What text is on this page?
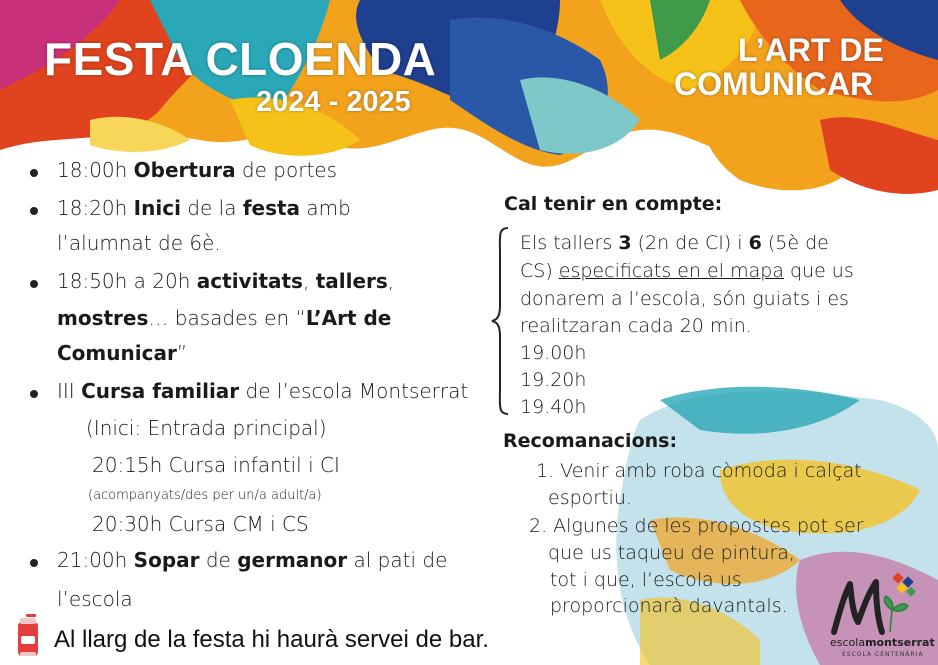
FESTA CLOENDA
2024 - 2025
L’ART DE
COMUNICAR
18:00h Obertura de portes
18:20h Inici de la festa amb
l’alumnat de 6è.
18:50h a 20h activitats, tallers,
mostres… basades en “L’Art de
Comunicar”
III Cursa familiar de l’escola Montserrat
(Inici: Entrada principal)
20:15h Cursa infantil i CI
(acompanyats/des per un/a adult/a)
20:30h Cursa CM i CS
21:00h Sopar de germanor al pati de
l’escola
Cal tenir en compte:
Els tallers 3 (2n de CI) i 6 (5è de
CS) especificats en el mapa que us
donarem a l’escola, són guiats i es
realitzaran cada 20 min.
19.00h
19.20h
19.40h
Recomanacions:
1. Venir amb roba còmoda i calçat
esportiu.
2. Algunes de les propostes pot ser
que us taqueu de pintura,
tot i que, l’escola us
proporcionarà davantals.
Al llarg de la festa hi haurà servei de bar.	escolamontserrat
ESCOLA CENTENÀRIA
